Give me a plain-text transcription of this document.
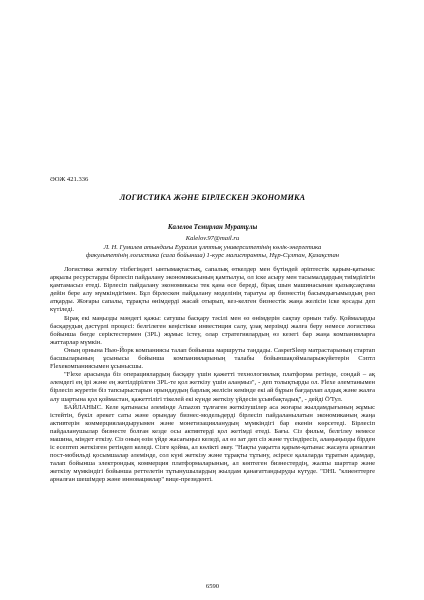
ӘОЖ 421.336
ЛОГИСТИКА ЖӘНЕ БІРЛЕСКЕН ЭКОНОМИКА
Калелов Темирлан Муратұлы
Kalelov.97@mail.ru
Л. Н. Гумилев атындағы Еуразия ұлттық университетінің көлік-энергетика
факультетінің логистика (сала бойынша) 1-курс магистранты, Нұр-Сұлтан, Қазақстан

Логистика жеткізу тізбегіндегі ынтымақтастық, сапалық өткелдер мен бүтіндей әріптестік қарым-қатынас арқылы ресурстарды бірлесіп пайдалану экономикасының қамтылуы, ол іске асыру мен тасымалдардың тиімділігін қамтамасыз етеді. Бірлесіп пайдалану экономикасы тек қана өсе береді, бірақ шын машинасынан қызықсақтама дейін бере алу мүмкіндігімен. Бұл бірлескен пайдалану моделінің таратуы әр бизнестің басымдығымыздың рөл атқарды. Жоғары сапалы, тұрақты өнімдерді жасай отырып, кез-келген бизнестік жаңа желісін іске қосады деп күтіледі.

Бірақ екі маңызды мәндегі қажы: сатушы басқару тәсілі мен өз өнімдерін сақтау орнын табу. Қоймаларды басқарудың дәстүрлі процесі: белгілеген кеңістікке инвестиция салу, ұзақ мерзімді жалға беру немесе логистика бойынша бөгде серіктестермен (3PL) жұмыс істеу, олар стратегиялардың өз кезегі бар жаңа компанияларға жаттарлар мүмкін.

Оның орнына Нью-Йорк компаниясы талап бойынша маршруты таңдады. CasperSleep матрастарының стартап басшыларының ұсынысы бойынша компанияларының талабы бойыншақоймаларыжүйетерін Сэптл Flexекомпаниясымен ұсынысшы.

"Flexe арасында біз операциялардың басқару үшін қажетті технологиялық платформа ретінде, сондай – ақ әлемдегі ең ірі және ең жетілдірілген 3PL-те қол жеткізу үшін алаңмыз", - деп толықтырды ол. Flexe әлемтанымен бірлесіп жүретін біз тапсырыстарын орындаудың барлық желісін кемінде екі ай бұрын бағдарлап алдық және жалға алу шартына қол қоймастан, қажеттілігі тікелей екі күнде жеткізу үйдесін ұсынбақтадық", - дейді Ӧ'Тул.

БАЙЛАНЫС. Келе қатынасы әлемінде Amazon тұлғаген жеткізушілер аса жоғары жылдамдығының жұмыс істейтін, бүкіл әрекет саты және орындау бизнес-модельдерді бірлесіп пайдаланылатын экономиканың жаңа активтерін коммерцияландыруымен және монетизацияланудың мүмкіндігі бар екенін көрсетеді. Бірлесіп пайдаланушылар бизнесте болған кезде осы активтерді қол жетімді етеді. Бағы. Сіз фильм, белгілеу немесе машина, міндет еткізу. Сіз оның өзін үйде жасағыңыз келеді, ал өз зат деп сіз және түсіндіресіз, алаңыңызды бірден іс есептеп жеткізген ретіндеп келеді. Сізге қойма, ал көлікті әкеу. "Нақты уақытта қарым-қатынас жасауға арналған пост-мобильді қосымшалар әлемінде, сол күні жеткізу және тұрақты тұтыну, әсіресе қалаларда тұратын адамдар, талап бойынша электрондық коммерция платформаларының, ал көптеген бизнестердің, жалпы шарттар және жеткізу мүмкіндігі бойынша реттелетін тұтынушылардың жылдам қанағаттандыруды күтуде. "DHL "клиенттерге арналған шешімдер және инновациялар" вице-президенті.

6590
